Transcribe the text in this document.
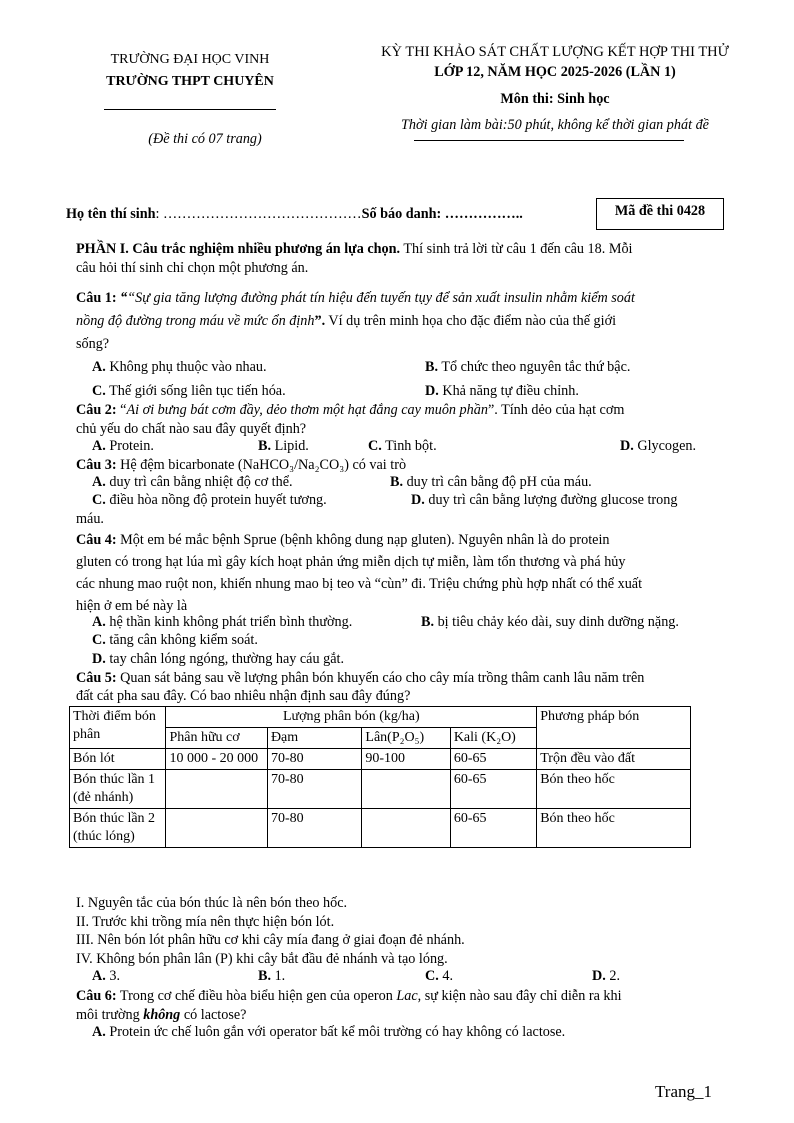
TRƯỜNG ĐẠI HỌC VINH
TRƯỜNG THPT CHUYÊN
(Đề thi có 07 trang)
KỲ THI KHẢO SÁT CHẤT LƯỢNG KẾT HỢP THI THỬ
LỚP 12, NĂM HỌC 2025-2026 (LẦN 1)
Môn thi: Sinh học
Thời gian làm bài:50 phút, không kể thời gian phát đề
Họ tên thí sinh: ……………………………………Số báo danh: ……………..	Mã đề thi 0428
PHẦN I. Câu trắc nghiệm nhiều phương án lựa chọn. Thí sinh trả lời từ câu 1 đến câu 18. Mỗi
câu hỏi thí sinh chỉ chọn một phương án.
Câu 1: ““Sự gia tăng lượng đường phát tín hiệu đến tuyến tụy để sản xuất insulin nhằm kiểm soát
nồng độ đường trong máu về mức ổn định”. Ví dụ trên minh họa cho đặc điểm nào của thế giới
sống?
A. Không phụ thuộc vào nhau.	B. Tổ chức theo nguyên tắc thứ bậc.
C. Thế giới sống liên tục tiến hóa.	D. Khả năng tự điều chỉnh.
Câu 2: “Ai ơi bưng bát cơm đầy, dẻo thơm một hạt đắng cay muôn phần”. Tính dẻo của hạt cơm
chủ yếu do chất nào sau đây quyết định?
A. Protein.	B. Lipid.	C. Tinh bột.	D. Glycogen.
Câu 3: Hệ đệm bicarbonate (NaHCO₃/Na₂CO₃) có vai trò
A. duy trì cân bằng nhiệt độ cơ thể.	B. duy trì cân bằng độ pH của máu.
C. điều hòa nồng độ protein huyết tương.	D. duy trì cân bằng lượng đường glucose trong
máu.
Câu 4: Một em bé mắc bệnh Sprue (bệnh không dung nạp gluten). Nguyên nhân là do protein
gluten có trong hạt lúa mì gây kích hoạt phản ứng miễn dịch tự miễn, làm tổn thương và phá hủy
các nhung mao ruột non, khiến nhung mao bị teo và “cùn” đi. Triệu chứng phù hợp nhất có thể xuất
hiện ở em bé này là
A. hệ thần kinh không phát triển bình thường.	B. bị tiêu chảy kéo dài, suy dinh dưỡng nặng.
C. tăng cân không kiểm soát.
D. tay chân lóng ngóng, thường hay cáu gắt.
Câu 5: Quan sát bảng sau về lượng phân bón khuyến cáo cho cây mía trồng thâm canh lâu năm trên
đất cát pha sau đây. Có bao nhiêu nhận định sau đây đúng?
Thời điểm bón phân	Lượng phân bón (kg/ha)				Phương pháp bón
	Phân hữu cơ	Đạm	Lân(P₂O₅)	Kali (K₂O)	
Bón lót	10 000 - 20 000	70-80	90-100	60-65	Trộn đều vào đất
Bón thúc lần 1 (đẻ nhánh)		70-80		60-65	Bón theo hốc
Bón thúc lần 2 (thúc lóng)		70-80		60-65	Bón theo hốc
I. Nguyên tắc của bón thúc là nên bón theo hốc.
II. Trước khi trồng mía nên thực hiện bón lót.
III. Nên bón lót phân hữu cơ khi cây mía đang ở giai đoạn đẻ nhánh.
IV. Không bón phân lân (P) khi cây bắt đầu đẻ nhánh và tạo lóng.
A. 3.	B. 1.	C. 4.	D. 2.
Câu 6: Trong cơ chế điều hòa biểu hiện gen của operon Lac, sự kiện nào sau đây chỉ diễn ra khi
môi trường không có lactose?
A. Protein ức chế luôn gắn với operator bất kể môi trường có hay không có lactose.
Trang_1
